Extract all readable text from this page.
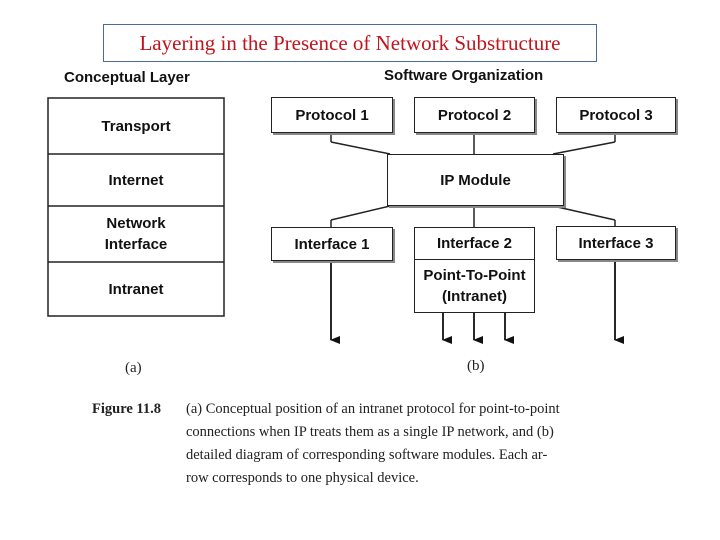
Layering in the Presence of Network Substructure
Conceptual Layer	Software Organization
Transport
Internet
Network
Interface
Intranet
Protocol 1	Protocol 2	Protocol 3
IP Module
Interface 1	Interface 2
Point-To-Point
(Intranet)
Interface 3
(a)	(b)
Figure 11.8	(a) Conceptual position of an intranet protocol for point-to-point
connections when IP treats them as a single IP network, and (b)
detailed diagram of corresponding software modules. Each ar-
row corresponds to one physical device.
